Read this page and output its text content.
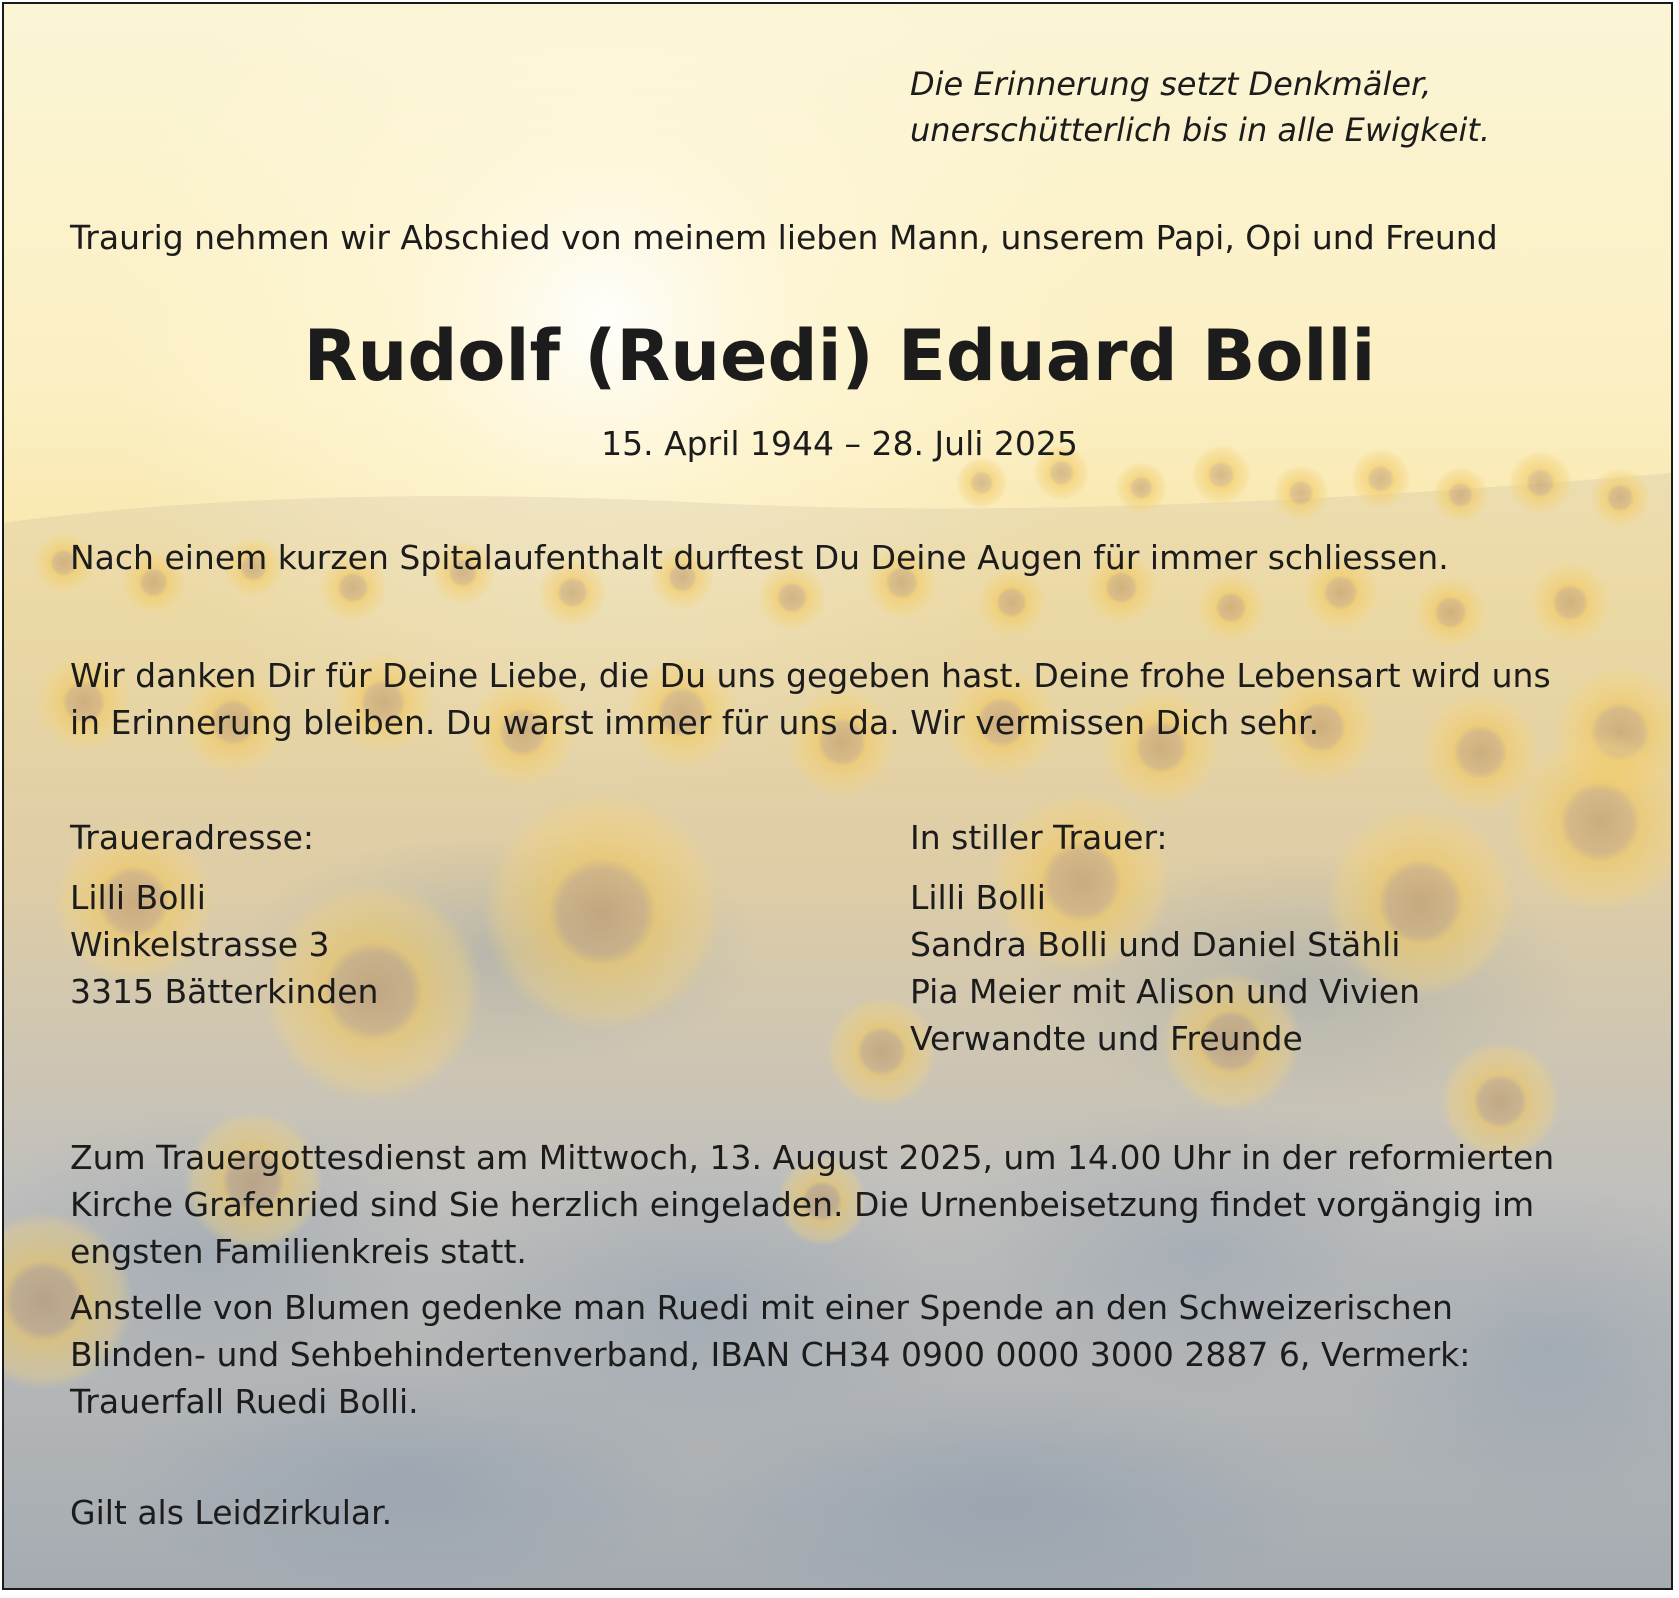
Die Erinnerung setzt Denkmäler,
unerschütterlich bis in alle Ewigkeit.

Traurig nehmen wir Abschied von meinem lieben Mann, unserem Papi, Opi und Freund

Rudolf (Ruedi) Eduard Bolli

15. April 1944 – 28. Juli 2025

Nach einem kurzen Spitalaufenthalt durftest Du Deine Augen für immer schliessen.

Wir danken Dir für Deine Liebe, die Du uns gegeben hast. Deine frohe Lebensart wird uns
in Erinnerung bleiben. Du warst immer für uns da. Wir vermissen Dich sehr.

Traueradresse:

Lilli Bolli
Winkelstrasse 3
3315 Bätterkinden

In stiller Trauer:

Lilli Bolli
Sandra Bolli und Daniel Stähli
Pia Meier mit Alison und Vivien
Verwandte und Freunde

Zum Trauergottesdienst am Mittwoch, 13. August 2025, um 14.00 Uhr in der reformierten
Kirche Grafenried sind Sie herzlich eingeladen. Die Urnenbeisetzung findet vorgängig im
engsten Familienkreis statt.

Anstelle von Blumen gedenke man Ruedi mit einer Spende an den Schweizerischen
Blinden- und Sehbehindertenverband, IBAN CH34 0900 0000 3000 2887 6, Vermerk:
Trauerfall Ruedi Bolli.

Gilt als Leidzirkular.
